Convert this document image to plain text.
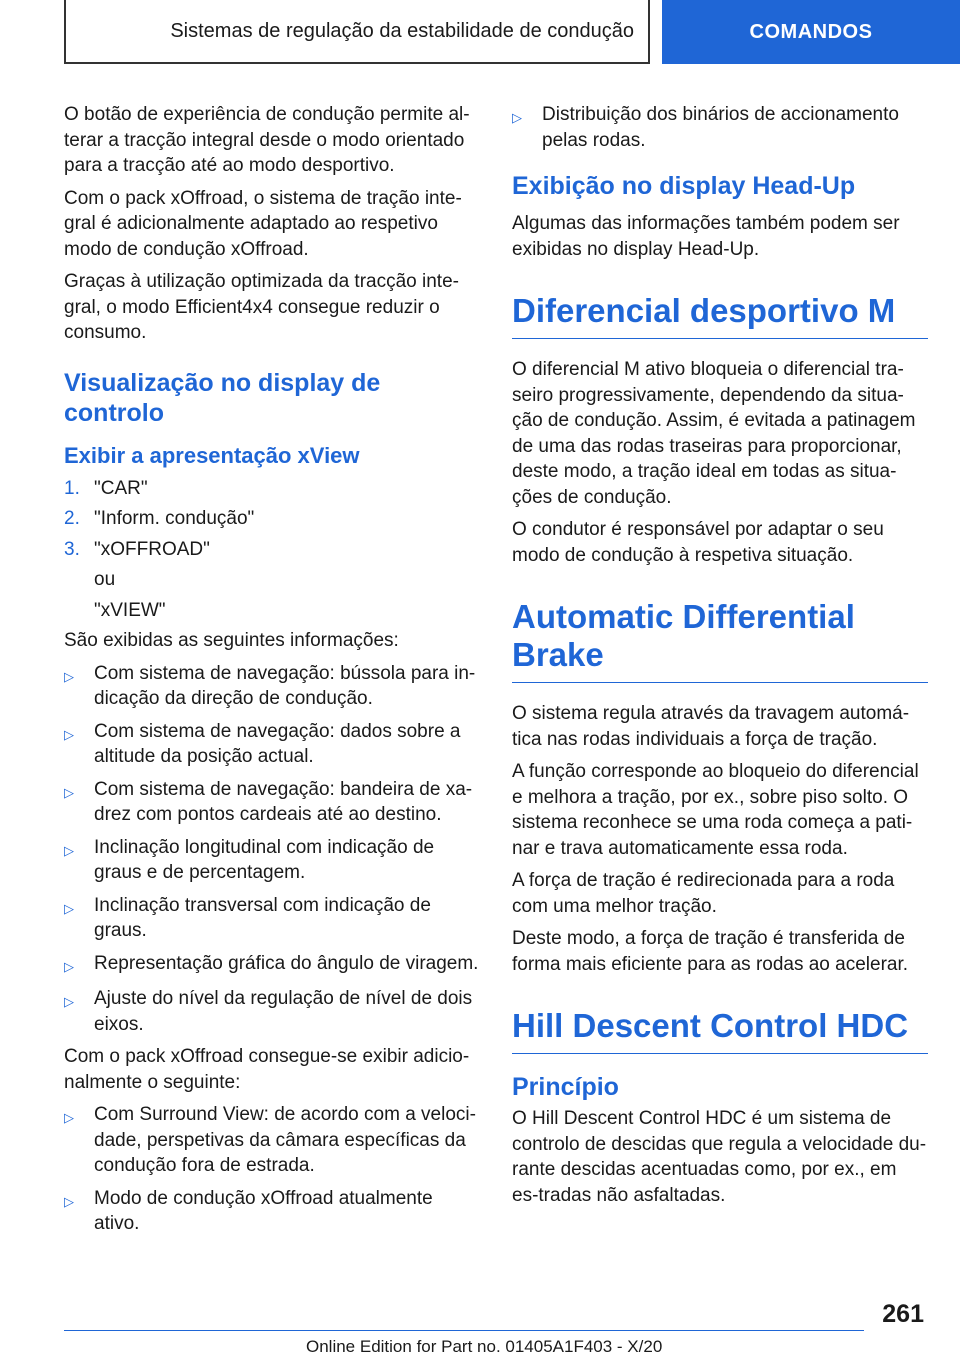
Sistemas de regulação da estabilidade de condução	COMANDOS

O botão de experiência de condução permite al-terar a tracção integral desde o modo orientado para a tracção até ao modo desportivo.

Com o pack xOffroad, o sistema de tração inte-gral é adicionalmente adaptado ao respetivo modo de condução xOffroad.

Graças à utilização optimizada da tracção inte-gral, o modo Efficient4x4 consegue reduzir o consumo.

Visualização no display de controlo
Exibir a apresentação xView
1. "CAR"
2. "Inform. condução"
3. "xOFFROAD"
ou
"xVIEW"

São exibidas as seguintes informações:

▷	Com sistema de navegação: bússola para in-dicação da direção de condução.
▷	Com sistema de navegação: dados sobre a altitude da posição actual.
▷	Com sistema de navegação: bandeira de xa-drez com pontos cardeais até ao destino.
▷	Inclinação longitudinal com indicação de graus e de percentagem.
▷	Inclinação transversal com indicação de graus.
▷	Representação gráfica do ângulo de viragem.
▷	Ajuste do nível da regulação de nível de dois eixos.

Com o pack xOffroad consegue-se exibir adicio-nalmente o seguinte:

▷	Com Surround View: de acordo com a veloci-dade, perspetivas da câmara específicas da condução fora de estrada.
▷	Modo de condução xOffroad atualmente ativo.
▷	Distribuição dos binários de accionamento pelas rodas.
Exibição no display Head-Up

Algumas das informações também podem ser exibidas no display Head-Up.

Diferencial desportivo M

O diferencial M ativo bloqueia o diferencial tra-seiro progressivamente, dependendo da situa-ção de condução. Assim, é evitada a patinagem de uma das rodas traseiras para proporcionar, deste modo, a tração ideal em todas as situa-ções de condução.

O condutor é responsável por adaptar o seu modo de condução à respetiva situação.

Automatic Differential Brake

O sistema regula através da travagem automá-tica nas rodas individuais a força de tração.

A função corresponde ao bloqueio do diferencial e melhora a tração, por ex., sobre piso solto. O sistema reconhece se uma roda começa a pati-nar e trava automaticamente essa roda.

A força de tração é redirecionada para a roda com uma melhor tração.

Deste modo, a força de tração é transferida de forma mais eficiente para as rodas ao acelerar.

Hill Descent Control HDC
Princípio

O Hill Descent Control HDC é um sistema de controlo de descidas que regula a velocidade du-rante descidas acentuadas como, por ex., em es-tradas não asfaltadas.

261
Online Edition for Part no. 01405A1F403 - X/20
